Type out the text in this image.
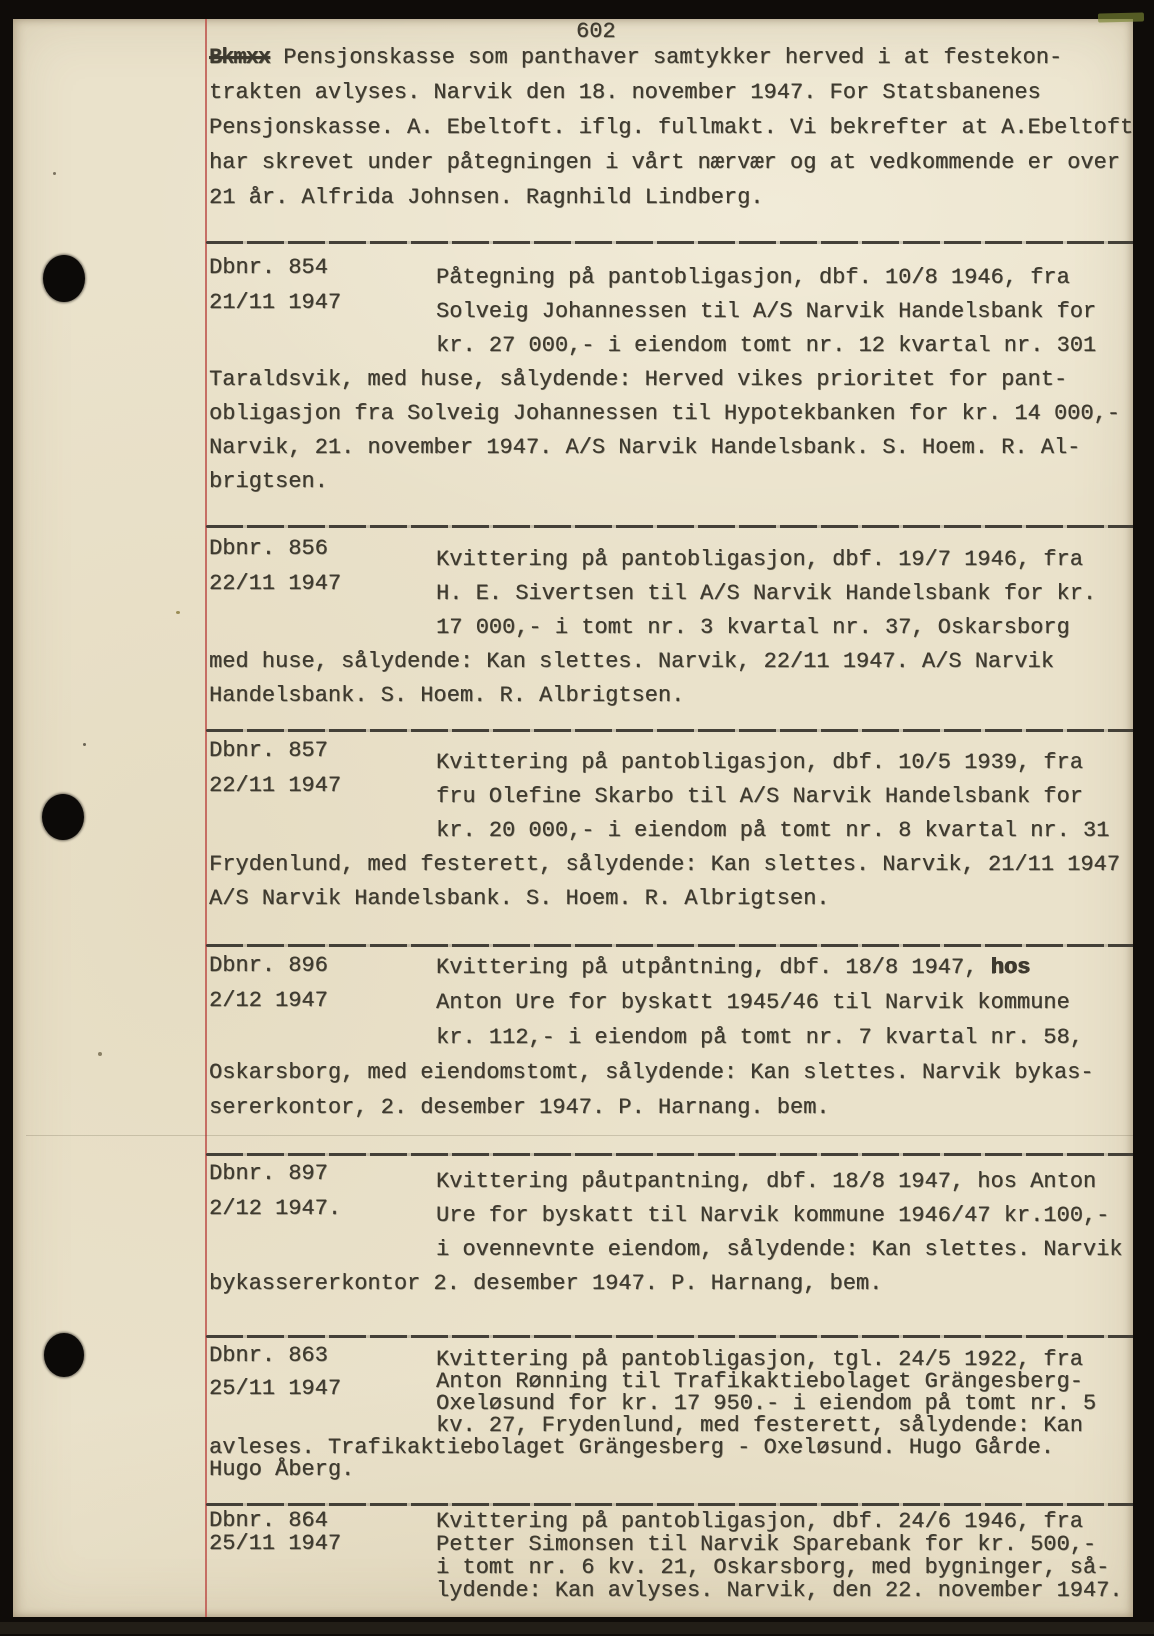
602
Bkmxx Pensjonskasse som panthaver samtykker herved i at festekon-
trakten avlyses. Narvik den 18. november 1947. For Statsbanenes
Pensjonskasse. A. Ebeltoft. iflg. fullmakt. Vi bekrefter at A.Ebeltoft
har skrevet under påtegningen i vårt nærvær og at vedkommende er over
21 år. Alfrida Johnsen. Ragnhild Lindberg.
Dbnr. 854
21/11 1947
Påtegning på pantobligasjon, dbf. 10/8 1946, fra
Solveig Johannessen til A/S Narvik Handelsbank for
kr. 27 000,- i eiendom tomt nr. 12 kvartal nr. 301
Taraldsvik, med huse, sålydende: Herved vikes prioritet for pant-
obligasjon fra Solveig Johannessen til Hypotekbanken for kr. 14 000,-
Narvik, 21. november 1947. A/S Narvik Handelsbank. S. Hoem. R. Al-
brigtsen.
Dbnr. 856
22/11 1947
Kvittering på pantobligasjon, dbf. 19/7 1946, fra
H. E. Sivertsen til A/S Narvik Handelsbank for kr.
17 000,- i tomt nr. 3 kvartal nr. 37, Oskarsborg
med huse, sålydende: Kan slettes. Narvik, 22/11 1947. A/S Narvik
Handelsbank. S. Hoem. R. Albrigtsen.
Dbnr. 857
22/11 1947
Kvittering på pantobligasjon, dbf. 10/5 1939, fra
fru Olefine Skarbo til A/S Narvik Handelsbank for
kr. 20 000,- i eiendom på tomt nr. 8 kvartal nr. 31
Frydenlund, med festerett, sålydende: Kan slettes. Narvik, 21/11 1947
A/S Narvik Handelsbank. S. Hoem. R. Albrigtsen.
Dbnr. 896
2/12 1947
Kvittering på utpåntning, dbf. 18/8 1947, hos
Anton Ure for byskatt 1945/46 til Narvik kommune
kr. 112,- i eiendom på tomt nr. 7 kvartal nr. 58,
Oskarsborg, med eiendomstomt, sålydende: Kan slettes. Narvik bykas-
sererkontor, 2. desember 1947. P. Harnang. bem.
Dbnr. 897
2/12 1947.
Kvittering påutpantning, dbf. 18/8 1947, hos Anton
Ure for byskatt til Narvik kommune 1946/47 kr.100,-
i ovennevnte eiendom, sålydende: Kan slettes. Narvik
bykassererkontor 2. desember 1947. P. Harnang, bem.
Dbnr. 863
25/11 1947
Kvittering på pantobligasjon, tgl. 24/5 1922, fra
Anton Rønning til Trafikaktiebolaget Grängesberg-
Oxeløsund for kr. 17 950.- i eiendom på tomt nr. 5
kv. 27, Frydenlund, med festerett, sålydende: Kan
avleses. Trafikaktiebolaget Grängesberg - Oxeløsund. Hugo Gårde.
Hugo Åberg.
Dbnr. 864
25/11 1947
Kvittering på pantobligasjon, dbf. 24/6 1946, fra
Petter Simonsen til Narvik Sparebank for kr. 500,-
i tomt nr. 6 kv. 21, Oskarsborg, med bygninger, så-
lydende: Kan avlyses. Narvik, den 22. november 1947.
